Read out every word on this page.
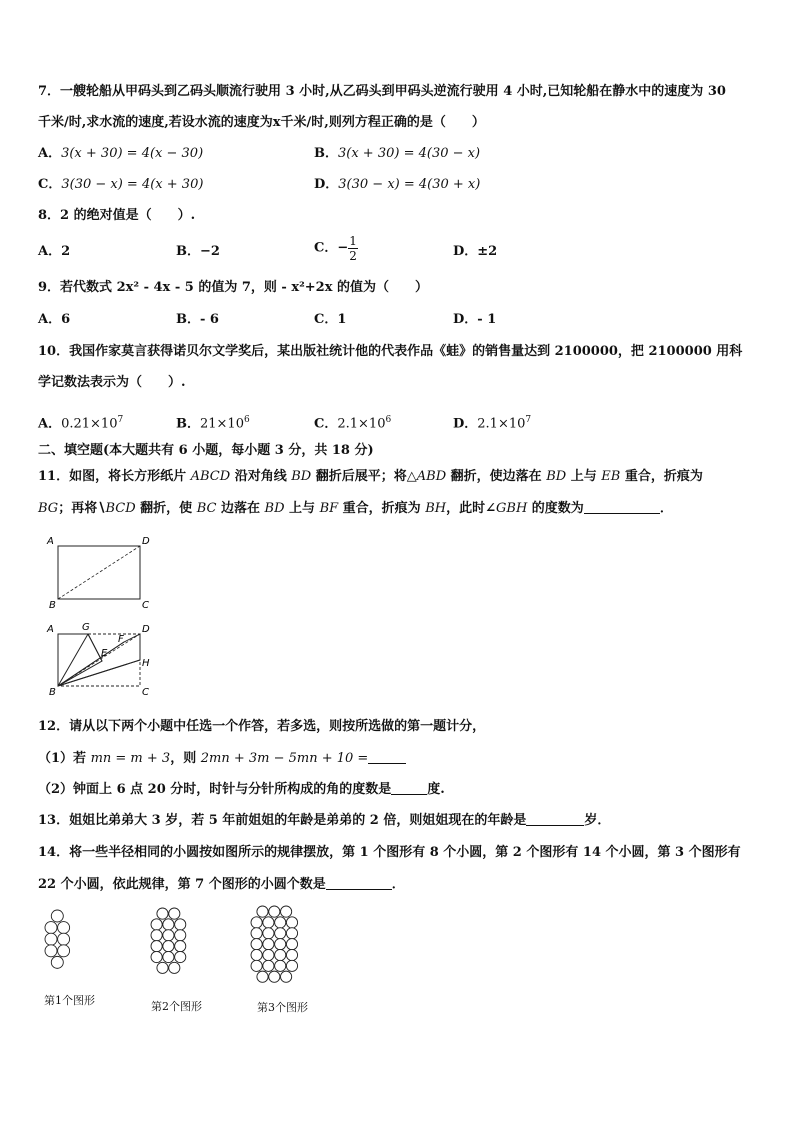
7．一艘轮船从甲码头到乙码头顺流行驶用 3 小时,从乙码头到甲码头逆流行驶用 4 小时,已知轮船在静水中的速度为 30
千米/时,求水流的速度,若设水流的速度为x千米/时,则列方程正确的是（　　）
A．3(x + 30) = 4(x − 30)	B．3(x + 30) = 4(30 − x)
C．3(30 − x) = 4(x + 30)	D．3(30 − x) = 4(30 + x)
8．2 的绝对值是（　　）.
A．2	B．−2	C．− $\frac{1}{2}$	D．±2
9．若代数式 2x² - 4x - 5 的值为 7，则 - x²+2x 的值为（　　）
A．6	B．- 6	C．1	D．- 1
10．我国作家莫言获得诺贝尔文学奖后，某出版社统计他的代表作品《蛙》的销售量达到 2100000，把 2100000 用科
学记数法表示为（　　）.
A．$0.21\times 10^7$	B．$21\times 10^6$	C．$2.1\times 10^6$	D．$2.1\times 10^7$
二、填空题(本大题共有 6 小题，每小题 3 分，共 18 分)
11．如图，将长方形纸片 ABCD 沿对角线 BD 翻折后展平；将△ABD 翻折，使边落在 BD 上与 EB 重合，折痕为
BG；再将∖BCD 翻折，使 BC 边落在 BD 上与 BF 重合，折痕为 BH，此时∠GBH 的度数为	．
A	D
B	C
A	G	D
F
E
H
B	C
12．请从以下两个小题中任选一个作答，若多选，则按所选做的第一题计分，
（1）若 mn = m + 3，则 2mn + 3m − 5mn + 10 =
（2）钟面上 6 点 20 分时，时针与分针所构成的角的度数是	度.
13．姐姐比弟弟大 3 岁，若 5 年前姐姐的年龄是弟弟的 2 倍，则姐姐现在的年龄是	岁．
14．将一些半径相同的小圆按如图所示的规律摆放，第 1 个图形有 8 个小圆，第 2 个图形有 14 个小圆，第 3 个图形有
22 个小圆，依此规律，第 7 个图形的小圆个数是	．
第1个图形	第2个图形	第3个图形
